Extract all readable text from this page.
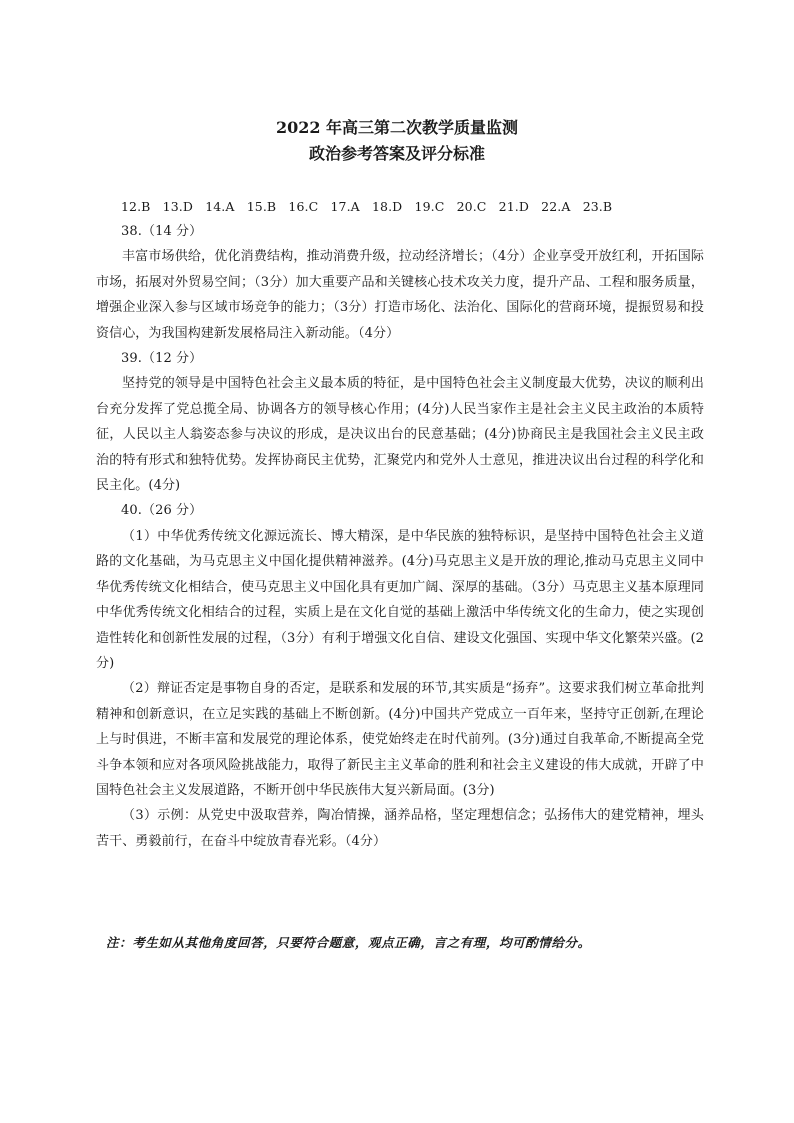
2022 年高三第二次教学质量监测
政治参考答案及评分标准
12.B   13.D   14.A   15.B   16.C   17.A   18.D   19.C   20.C   21.D   22.A   23.B
38.（14 分）
丰富市场供给，优化消费结构，推动消费升级，拉动经济增长；（4分）企业享受开放红利，开拓国际市场，拓展对外贸易空间；（3分）加大重要产品和关键核心技术攻关力度，提升产品、工程和服务质量，增强企业深入参与区域市场竞争的能力；（3分）打造市场化、法治化、国际化的营商环境，提振贸易和投资信心，为我国构建新发展格局注入新动能。（4分）
39.（12 分）
坚持党的领导是中国特色社会主义最本质的特征，是中国特色社会主义制度最大优势，决议的顺利出台充分发挥了党总揽全局、协调各方的领导核心作用；(4分)人民当家作主是社会主义民主政治的本质特征，人民以主人翁姿态参与决议的形成，是决议出台的民意基础；(4分)协商民主是我国社会主义民主政治的特有形式和独特优势。发挥协商民主优势，汇聚党内和党外人士意见，推进决议出台过程的科学化和民主化。(4分)
40.（26 分）
（1）中华优秀传统文化源远流长、博大精深，是中华民族的独特标识，是坚持中国特色社会主义道路的文化基础，为马克思主义中国化提供精神滋养。(4分)马克思主义是开放的理论,推动马克思主义同中华优秀传统文化相结合，使马克思主义中国化具有更加广阔、深厚的基础。（3分）马克思主义基本原理同中华优秀传统文化相结合的过程，实质上是在文化自觉的基础上激活中华传统文化的生命力，使之实现创造性转化和创新性发展的过程，（3分）有利于增强文化自信、建设文化强国、实现中华文化繁荣兴盛。(2分)
（2）辩证否定是事物自身的否定，是联系和发展的环节,其实质是“扬弃”。这要求我们树立革命批判精神和创新意识，在立足实践的基础上不断创新。(4分)中国共产党成立一百年来，坚持守正创新,在理论上与时俱进，不断丰富和发展党的理论体系，使党始终走在时代前列。(3分)通过自我革命,不断提高全党斗争本领和应对各项风险挑战能力，取得了新民主主义革命的胜利和社会主义建设的伟大成就，开辟了中国特色社会主义发展道路，不断开创中华民族伟大复兴新局面。(3分)
（3）示例：从党史中汲取营养，陶冶情操，涵养品格，坚定理想信念；弘扬伟大的建党精神，埋头苦干、勇毅前行，在奋斗中绽放青春光彩。（4分）
注：考生如从其他角度回答，只要符合题意，观点正确，言之有理，均可酌情给分。
